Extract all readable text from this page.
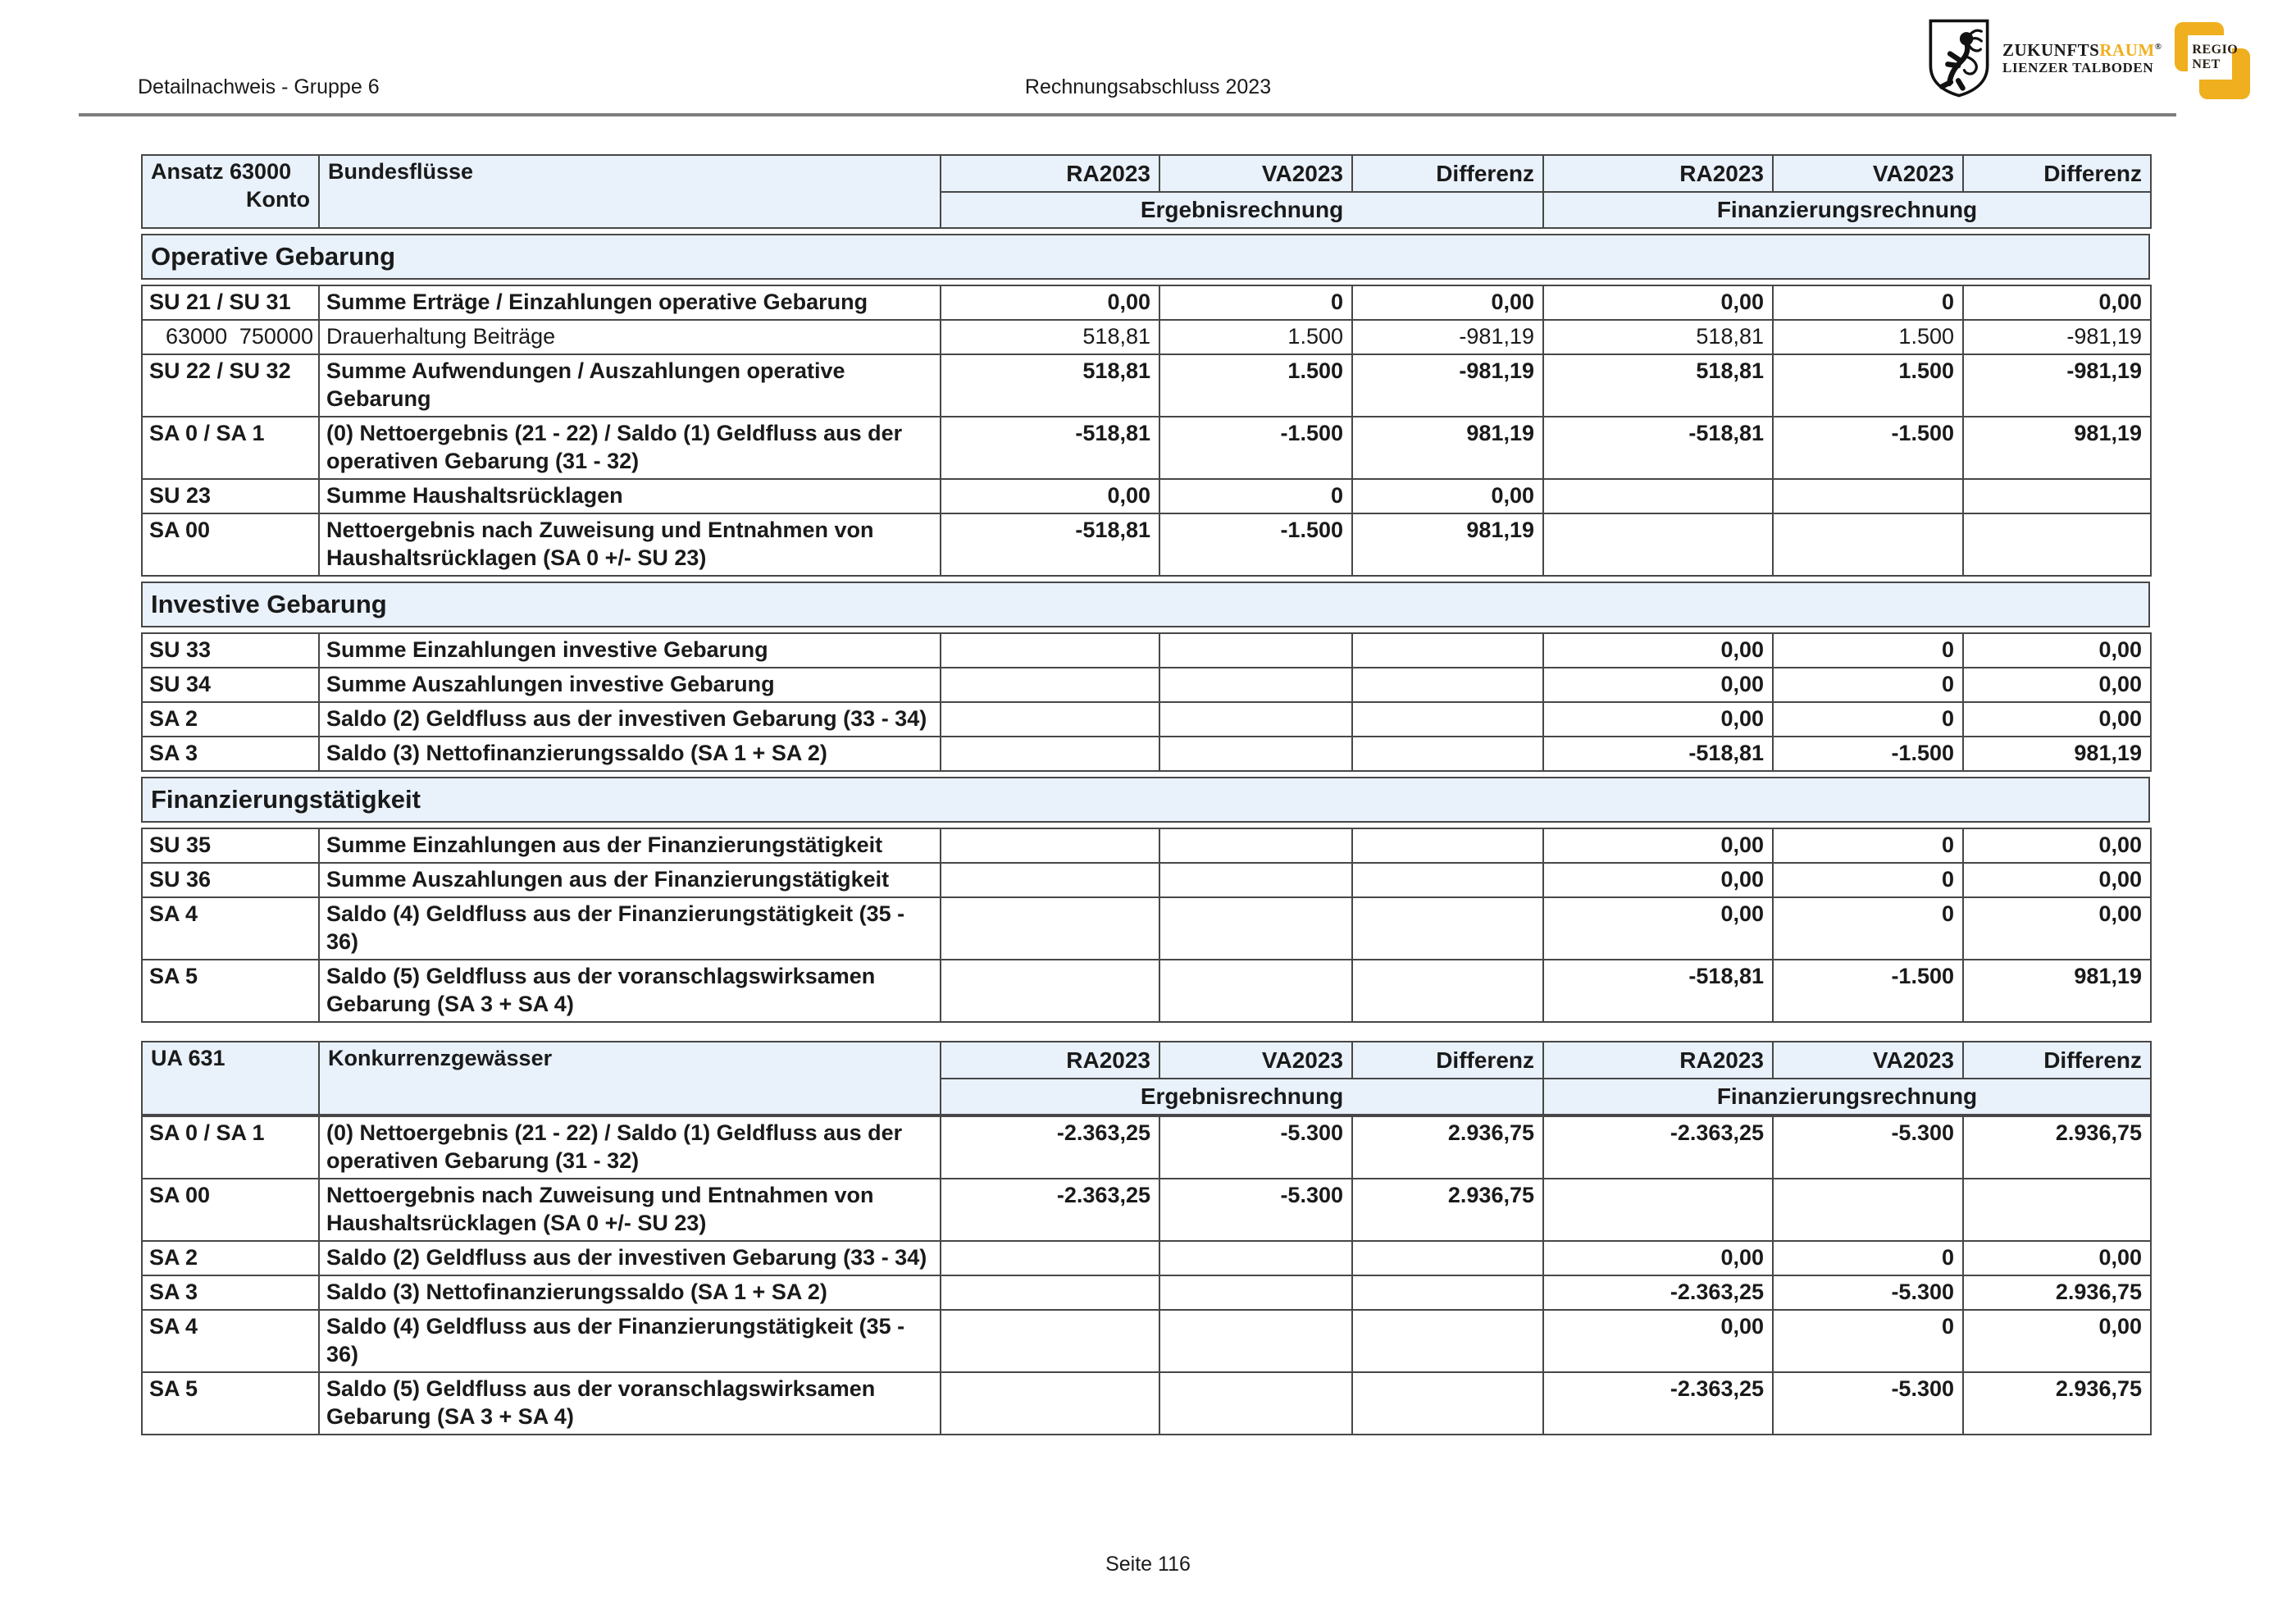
Detailnachweis - Gruppe 6	Rechnungsabschluss 2023
ZUKUNFTSRAUM®
LIENZER TALBODEN
REGIO
NET
Ansatz 63000
Konto	Bundesflüsse	RA2023	VA2023	Differenz	RA2023	VA2023	Differenz
		Ergebnisrechnung			Finanzierungsrechnung		
Operative Gebarung
SU 21 / SU 31	Summe Erträge / Einzahlungen operative Gebarung	0,00	0	0,00	0,00	0	0,00

63000 750000	Drauerhaltung Beiträge	518,81	1.500	-981,19	518,81	1.500	-981,19

SU 22 / SU 32	Summe Aufwendungen / Auszahlungen operative Gebarung	518,81	1.500	-981,19	518,81	1.500	-981,19

SA 0 / SA 1	(0) Nettoergebnis (21 - 22) / Saldo (1) Geldfluss aus der operativen Gebarung (31 - 32)	-518,81	-1.500	981,19	-518,81	-1.500	981,19

SU 23	Summe Haushaltsrücklagen	0,00	0	0,00			

SA 00	Nettoergebnis nach Zuweisung und Entnahmen von Haushaltsrücklagen (SA 0 +/- SU 23)	-518,81	-1.500	981,19			
Investive Gebarung
SU 33	Summe Einzahlungen investive Gebarung				0,00	0	0,00

SU 34	Summe Auszahlungen investive Gebarung				0,00	0	0,00

SA 2	Saldo (2) Geldfluss aus der investiven Gebarung (33 - 34)				0,00	0	0,00

SA 3	Saldo (3) Nettofinanzierungssaldo (SA 1 + SA 2)				-518,81	-1.500	981,19
Finanzierungstätigkeit
SU 35	Summe Einzahlungen aus der Finanzierungstätigkeit				0,00	0	0,00

SU 36	Summe Auszahlungen aus der Finanzierungstätigkeit				0,00	0	0,00

SA 4	Saldo (4) Geldfluss aus der Finanzierungstätigkeit (35 - 36)				0,00	0	0,00

SA 5	Saldo (5) Geldfluss aus der voranschlagswirksamen Gebarung (SA 3 + SA 4)				-518,81	-1.500	981,19
UA 631	Konkurrenzgewässer	RA2023	VA2023	Differenz	RA2023	VA2023	Differenz
		Ergebnisrechnung			Finanzierungsrechnung		
SA 0 / SA 1	(0) Nettoergebnis (21 - 22) / Saldo (1) Geldfluss aus der operativen Gebarung (31 - 32)	-2.363,25	-5.300	2.936,75	-2.363,25	-5.300	2.936,75

SA 00	Nettoergebnis nach Zuweisung und Entnahmen von Haushaltsrücklagen (SA 0 +/- SU 23)	-2.363,25	-5.300	2.936,75			

SA 2	Saldo (2) Geldfluss aus der investiven Gebarung (33 - 34)				0,00	0	0,00

SA 3	Saldo (3) Nettofinanzierungssaldo (SA 1 + SA 2)				-2.363,25	-5.300	2.936,75

SA 4	Saldo (4) Geldfluss aus der Finanzierungstätigkeit (35 - 36)				0,00	0	0,00

SA 5	Saldo (5) Geldfluss aus der voranschlagswirksamen Gebarung (SA 3 + SA 4)				-2.363,25	-5.300	2.936,75
Seite 116
